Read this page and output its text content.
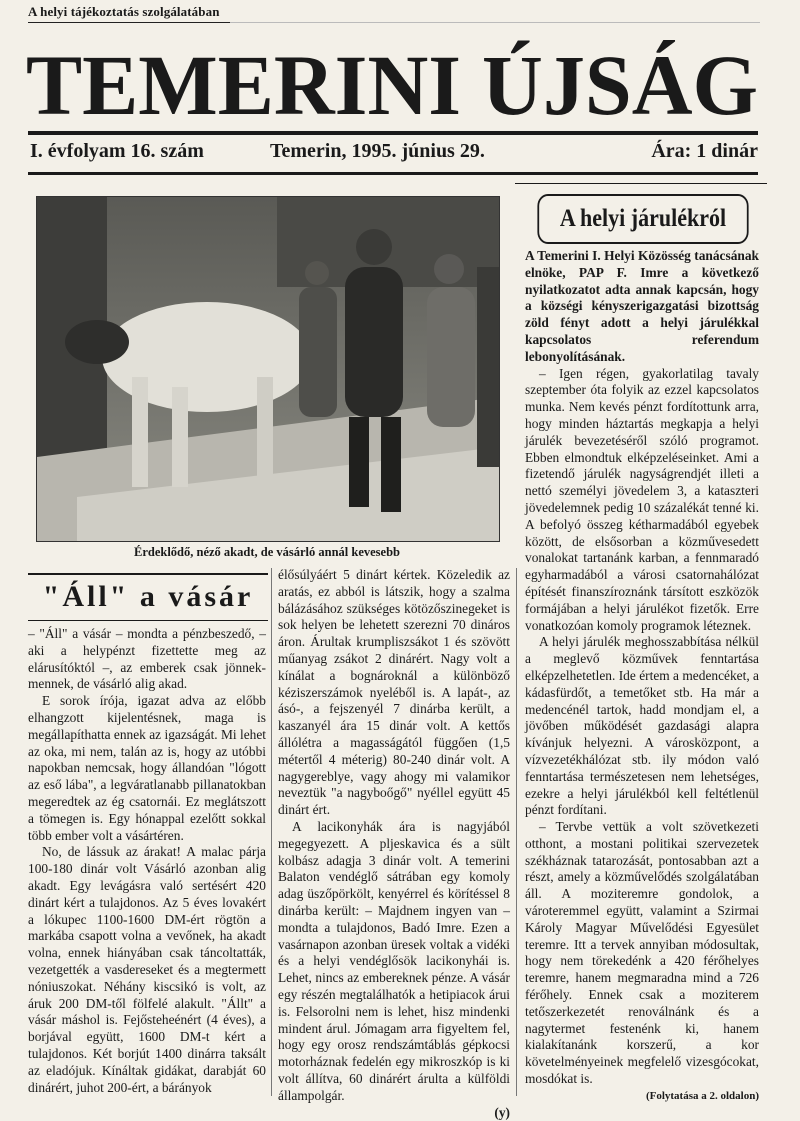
A helyi tájékoztatás szolgálatában
TEMERINI ÚJSÁG
I. évfolyam 16. szám	Temerin, 1995. június 29.	Ára: 1 dinár
Érdeklődő, néző akadt, de vásárló annál kevesebb
A helyi járulékról

A Temerini I. Helyi Közösség tanácsának elnöke, PAP F. Imre a következő nyilatkozatot adta annak kapcsán, hogy a községi kényszerigazgatási bizottság zöld fényt adott a helyi járulékkal kapcsolatos referendum lebonyolításának.

– Igen régen, gyakorlatilag tavaly szeptember óta folyik az ezzel kapcsolatos munka. Nem kevés pénzt fordítottunk arra, hogy minden háztartás megkapja a helyi járulék bevezetéséről szóló programot. Ebben elmondtuk elképzeléseinket. Ami a fizetendő járulék nagyságrendjét illeti a nettó személyi jövedelem 3, a kataszteri jövedelemnek pedig 10 százalékát tenné ki. A befolyó összeg kétharmadából egyebek között, de elsősorban a közművesedett vonalokat tartanánk karban, a fennmaradó egyharmadából a városi csatornahálózat építését finanszíroznánk társított eszközök formájában a helyi járulékot fizetők. Erre vonatkozóan komoly programok léteznek.

A helyi járulék meghosszabbítása nélkül a meglevő közművek fenntartása elképzelhetetlen. Ide értem a medencéket, a kádasfürdőt, a temetőket stb. Ha már a medencénél tartok, hadd mondjam el, a jövőben működését gazdasági alapra kívánjuk helyezni. A városközpont, a vízvezetékhálózat stb. ily módon való fenntartása természetesen nem lehetséges, ezekre a helyi járulékból kell feltétlenül pénzt fordítani.

– Tervbe vettük a volt szövetkezeti otthont, a mostani politikai szervezetek székháznak tatarozását, pontosabban azt a részt, amely a közművelődés szolgálatában áll. A moziteremre gondolok, a vároteremmel együtt, valamint a Szirmai Károly Magyar Művelődési Egyesület teremre. Itt a tervek annyiban módosultak, hogy nem törekedénk a 420 férőhelyes teremre, hanem megmaradna mind a 726 férőhely. Ennek csak a moziterem tetőszerkezetét renoválnánk és a nagytermet festenénk ki, hanem kialakítanánk korszerű, a kor követelményeinek megfelelő vizesgócokat, mosdókat is.

(Folytatása a 2. oldalon)

"Áll" a vásár

– "Áll" a vásár – mondta a pénzbeszedő, – aki a helypénzt fizettette meg az elárusítóktól –, az emberek csak jönnek-mennek, de vásárló alig akad.

E sorok írója, igazat adva az előbb elhangzott kijelentésnek, maga is megállapíthatta ennek az igazságát. Mi lehet az oka, mi nem, talán az is, hogy az utóbbi napokban nemcsak, hogy állandóan "lógott az eső lába", a legváratlanabb pillanatokban megeredtek az ég csatornái. Ez meglátszott a tömegen is. Egy hónappal ezelőtt sokkal több ember volt a vásártéren.

No, de lássuk az árakat! A malac párja 100-180 dinár volt Vásárló azonban alig akadt. Egy levágásra való sertésért 420 dinárt kért a tulajdonos. Az 5 éves lovakért a lókupec 1100-1600 DM-ért rögtön a markába csapott volna a vevőnek, ha akadt volna, ennek hiányában csak táncoltatták, vezetgették a vasdereseket és a megtermett nóniuszokat. Néhány kiscsikó is volt, az áruk 200 DM-től fölfelé alakult. "Állt" a vásár máshol is. Fejősteheénért (4 éves), a borjával együtt, 1600 DM-t kért a tulajdonos. Két borjút 1400 dinárra taksált az eladójuk. Kínáltak gidákat, darabját 60 dinárért, juhot 200-ért, a bárányok

élősúlyáért 5 dinárt kértek. Közeledik az aratás, ez abból is látszik, hogy a szalma bálázásához szükséges kötözőszinegeket is sok helyen be lehetett szerezni 70 dináros áron. Árultak krumpliszsákot 1 és szövött műanyag zsákot 2 dinárért. Nagy volt a kínálat a bognároknál a különböző kéziszerszámok nyeléből is. A lapát-, az ásó-, a fejszenyél 7 dinárba került, a kaszanyél ára 15 dinár volt. A kettős állólétra a magasságától függően (1,5 métertől 4 méterig) 80-240 dinár volt. A nagygereblye, vagy ahogy mi valamikor neveztük "a nagyboőgő" nyéllel együtt 45 dinárt ért.

A lacikonyhák ára is nagyjából megegyezett. A pljeskavica és a sült kolbász adagja 3 dinár volt. A temerini Balaton vendéglő sátrában egy komoly adag üszőpörkölt, kenyérrel és körítéssel 8 dinárba került: – Majdnem ingyen van – mondta a tulajdonos, Badó Imre. Ezen a vasárnapon azonban üresek voltak a vidéki és a helyi vendéglősök lacikonyhái is. Lehet, nincs az embereknek pénze. A vásár egy részén megtalálhatók a hetipiacok árui is. Felsorolni nem is lehet, hisz mindenki mindent árul. Jómagam arra figyeltem fel, hogy egy orosz rendszámtáblás gépkocsi motorháznak fedelén egy mikroszkóp is ki volt állítva, 60 dinárért árulta a külföldi állampolgár.

(y)
